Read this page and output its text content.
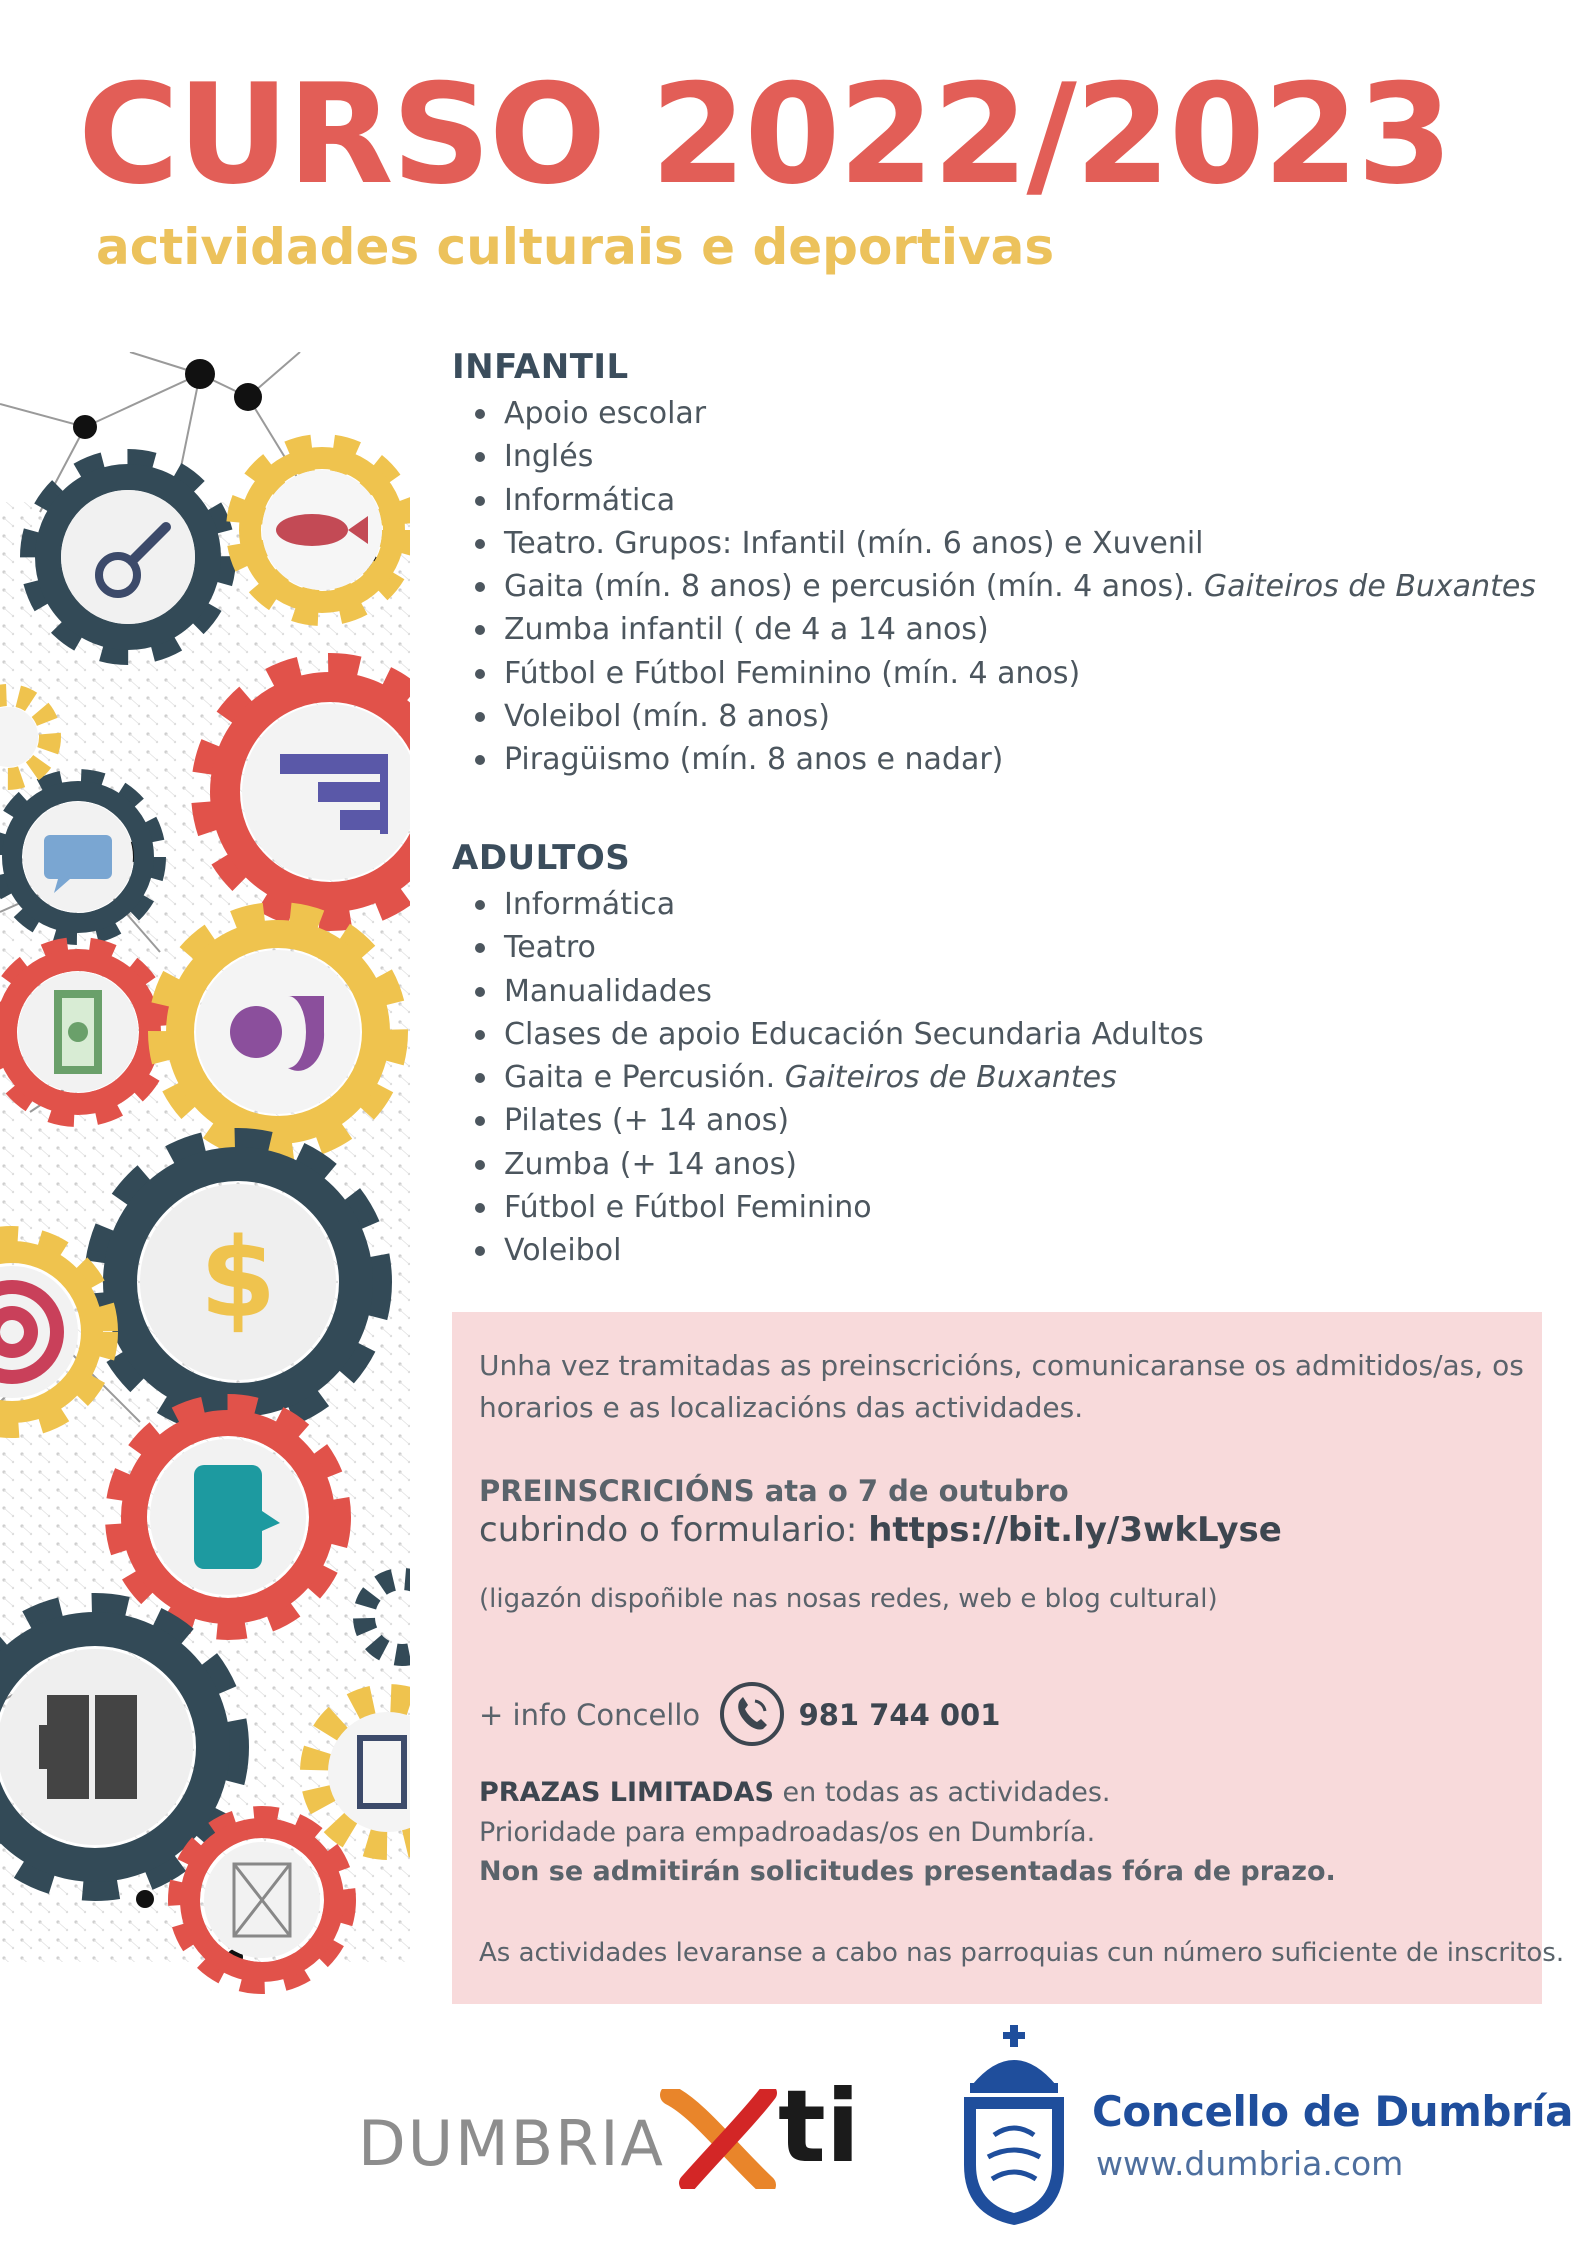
CURSO 2022/2023
actividades culturais e deportivas
$
INFANTIL
Apoio escolar
Inglés
Informática
Teatro. Grupos: Infantil (mín. 6 anos) e Xuvenil
Gaita (mín. 8 anos) e percusión (mín. 4 anos). Gaiteiros de Buxantes
Zumba infantil ( de 4 a 14 anos)
Fútbol e Fútbol Feminino (mín. 4 anos)
Voleibol (mín. 8 anos)
Piragüismo (mín. 8 anos e nadar)
ADULTOS
Informática
Teatro
Manualidades
Clases de apoio Educación Secundaria Adultos
Gaita e Percusión. Gaiteiros de Buxantes
Pilates (+ 14 anos)
Zumba (+ 14 anos)
Fútbol e Fútbol Feminino
Voleibol

Unha vez tramitadas as preinscricións, comunicaranse os admitidos/as, os

horarios e as localizacións das actividades.

PREINSCRICIÓNS ata o 7 de outubro

cubrindo o formulario: https://bit.ly/3wkLyse

(ligazón dispoñible nas nosas redes, web e blog cultural)

+ info Concello	981 744 001

PRAZAS LIMITADAS en todas as actividades.

Prioridade para empadroadas/os en Dumbría.

Non se admitirán solicitudes presentadas fóra de prazo.

As actividades levaranse a cabo nas parroquias cun número suficiente de inscritos.

DUMBRIA	X ti	Concello de Dumbría

www.dumbria.com
